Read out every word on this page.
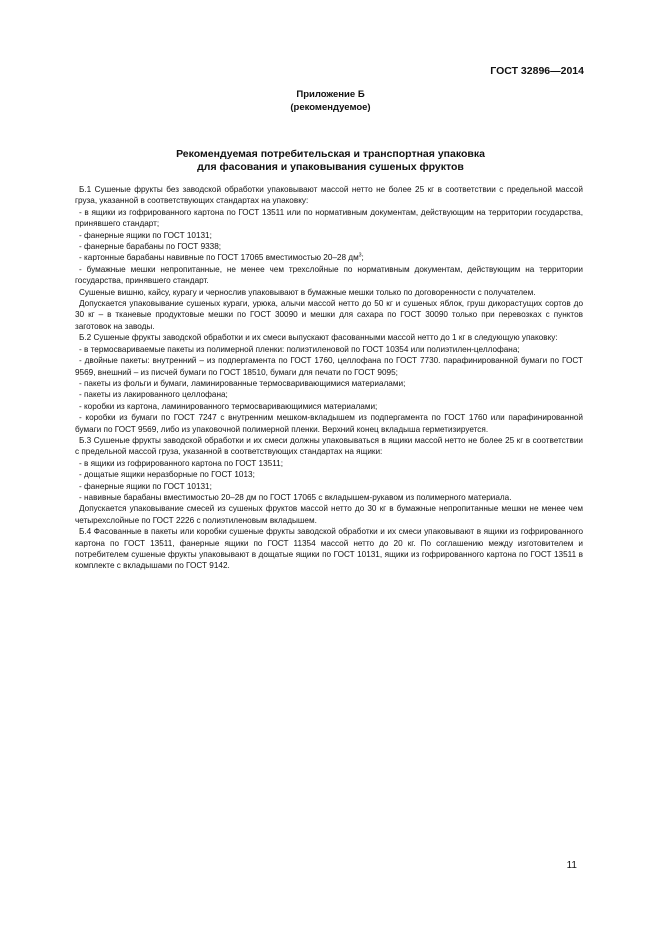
ГОСТ 32896—2014
Приложение Б
(рекомендуемое)
Рекомендуемая потребительская и транспортная упаковка
для фасования и упаковывания сушеных фруктов

Б.1 Сушеные фрукты без заводской обработки упаковывают массой нетто не более 25 кг в соответствии с предельной массой груза, указанной в соответствующих стандартах на упаковку:

- в ящики из гофрированного картона по ГОСТ 13511 или по нормативным документам, действующим на территории государства, принявшего стандарт;

- фанерные ящики по ГОСТ 10131;

- фанерные барабаны по ГОСТ 9338;

- картонные барабаны навивные по ГОСТ 17065 вместимостью 20–28 $дм^3$;

- бумажные мешки непропитанные, не менее чем трехслойные по нормативным документам, действующим на территории государства, принявшего стандарт.

Сушеные вишню, кайсу, курагу и чернослив упаковывают в бумажные мешки только по договоренности с получателем.

Допускается упаковывание сушеных кураги, урюка, алычи массой нетто до 50 кг и сушеных яблок, груш дикорастущих сортов до 30 кг – в тканевые продуктовые мешки по ГОСТ 30090 и мешки для сахара по ГОСТ 30090 только при перевозках с пунктов заготовок на заводы.

Б.2 Сушеные фрукты заводской обработки и их смеси выпускают фасованными массой нетто до 1 кг в следующую упаковку:

- в термосвариваемые пакеты из полимерной пленки: полиэтиленовой по ГОСТ 10354 или полиэтилен-целлофана;

- двойные пакеты: внутренний – из подпергамента по ГОСТ 1760, целлофана по ГОСТ 7730. парафинированной бумаги по ГОСТ 9569, внешний – из писчей бумаги по ГОСТ 18510, бумаги для печати по ГОСТ 9095;

- пакеты из фольги и бумаги, ламинированные термосваривающимися материалами;

- пакеты из лакированного целлофана;

- коробки из картона, ламинированного термосваривающимися материалами;

- коробки из бумаги по ГОСТ 7247 с внутренним мешком-вкладышем из подпергамента по ГОСТ 1760 или парафинированной бумаги по ГОСТ 9569, либо из упаковочной полимерной пленки. Верхний конец вкладыша герметизируется.

Б.3 Сушеные фрукты заводской обработки и их смеси должны упаковываться в ящики массой нетто не более 25 кг в соответствии с предельной массой груза, указанной в соответствующих стандартах на ящики:

- в ящики из гофрированного картона по ГОСТ 13511;

- дощатые ящики неразборные по ГОСТ 1013;

- фанерные ящики по ГОСТ 10131;

- навивные барабаны вместимостью 20–28 дм по ГОСТ 17065 с вкладышем-рукавом из полимерного материала.

Допускается упаковывание смесей из сушеных фруктов массой нетто до 30 кг в бумажные непропитанные мешки не менее чем четырехслойные по ГОСТ 2226 с полиэтиленовым вкладышем.

Б.4 Фасованные в пакеты или коробки сушеные фрукты заводской обработки и их смеси упаковывают в ящики из гофрированного картона по ГОСТ 13511, фанерные ящики по ГОСТ 11354 массой нетто до 20 кг. По соглашению между изготовителем и потребителем сушеные фрукты упаковывают в дощатые ящики по ГОСТ 10131, ящики из гофрированного картона по ГОСТ 13511 в комплекте с вкладышами по ГОСТ 9142.

11
